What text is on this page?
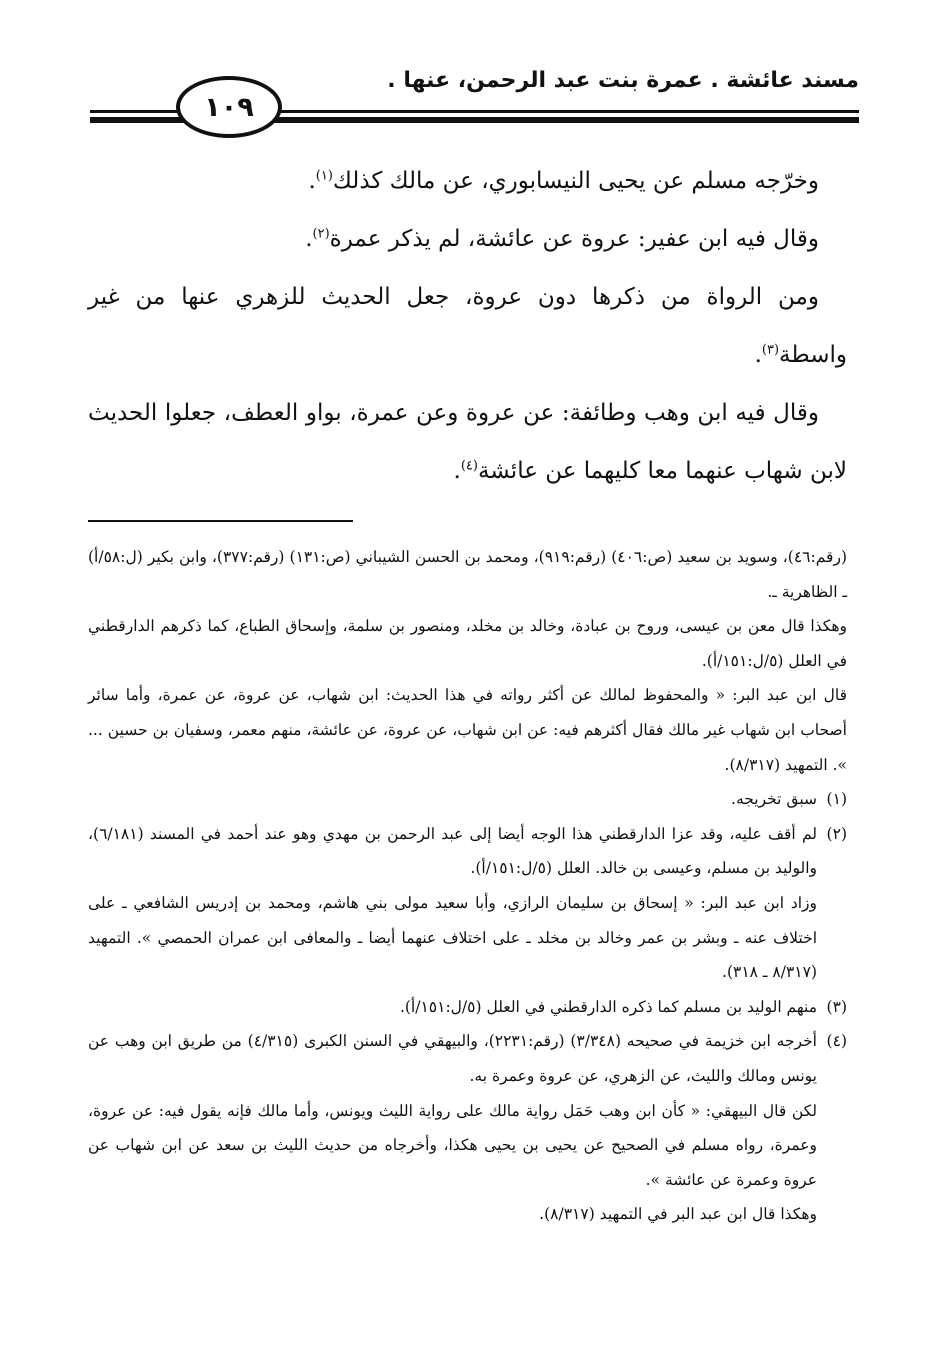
مسند عائشة . عمرة بنت عبد الرحمن، عنها .
١٠٩

وخرّجه مسلم عن يحيى النيسابوري، عن مالك كذلك$^{(١)}$.

وقال فيه ابن عفير: عروة عن عائشة، لم يذكر عمرة$^{(٢)}$.

ومن الرواة من ذكرها دون عروة، جعل الحديث للزهري عنها من غير واسطة$^{(٣)}$.

وقال فيه ابن وهب وطائفة: عن عروة وعن عمرة، بواو العطف، جعلوا الحديث لابن شهاب عنهما معا كليهما عن عائشة$^{(٤)}$.

(رقم:٤٦)، وسويد بن سعيد (ص:٤٠٦) (رقم:٩١٩)، ومحمد بن الحسن الشيباني (ص:١٣١) (رقم:٣٧٧)، وابن بكير (ل:٥٨/أ) ـ الظاهرية ـ.

وهكذا قال معن بن عيسى، وروح بن عبادة، وخالد بن مخلد، ومنصور بن سلمة، وإسحاق الطباع، كما ذكرهم الدارقطني في العلل (٥/ل:١٥١/أ).

قال ابن عبد البر: « والمحفوظ لمالك عن أكثر رواته في هذا الحديث: ابن شهاب، عن عروة، عن عمرة، وأما سائر أصحاب ابن شهاب غير مالك فقال أكثرهم فيه: عن ابن شهاب، عن عروة، عن عائشة، منهم معمر، وسفيان بن حسين ... ». التمهيد (٨/٣١٧).

(١)

سبق تخريجه.

(٢)

لم أقف عليه، وقد عزا الدارقطني هذا الوجه أيضا إلى عبد الرحمن بن مهدي وهو عند أحمد في المسند (٦/١٨١)، والوليد بن مسلم، وعيسى بن خالد. العلل (٥/ل:١٥١/أ).

وزاد ابن عبد البر: « إسحاق بن سليمان الرازي، وأبا سعيد مولى بني هاشم، ومحمد بن إدريس الشافعي ـ على اختلاف عنه ـ وبشر بن عمر وخالد بن مخلد ـ على اختلاف عنهما أيضا ـ والمعافى ابن عمران الحمصي ». التمهيد (٨/٣١٧ ـ ٣١٨).

(٣)

منهم الوليد بن مسلم كما ذكره الدارقطني في العلل (٥/ل:١٥١/أ).

(٤)

أخرجه ابن خزيمة في صحيحه (٣/٣٤٨) (رقم:٢٢٣١)، والبيهقي في السنن الكبرى (٤/٣١٥) من طريق ابن وهب عن يونس ومالك والليث، عن الزهري، عن عروة وعمرة به.

لكن قال البيهقي: « كأن ابن وهب حَمَل رواية مالك على رواية الليث ويونس، وأما مالك فإنه يقول فيه: عن عروة، وعمرة، رواه مسلم في الصحيح عن يحيى بن يحيى هكذا، وأخرجاه من حديث الليث بن سعد عن ابن شهاب عن عروة وعمرة عن عائشة ».

وهكذا قال ابن عبد البر في التمهيد (٨/٣١٧).
